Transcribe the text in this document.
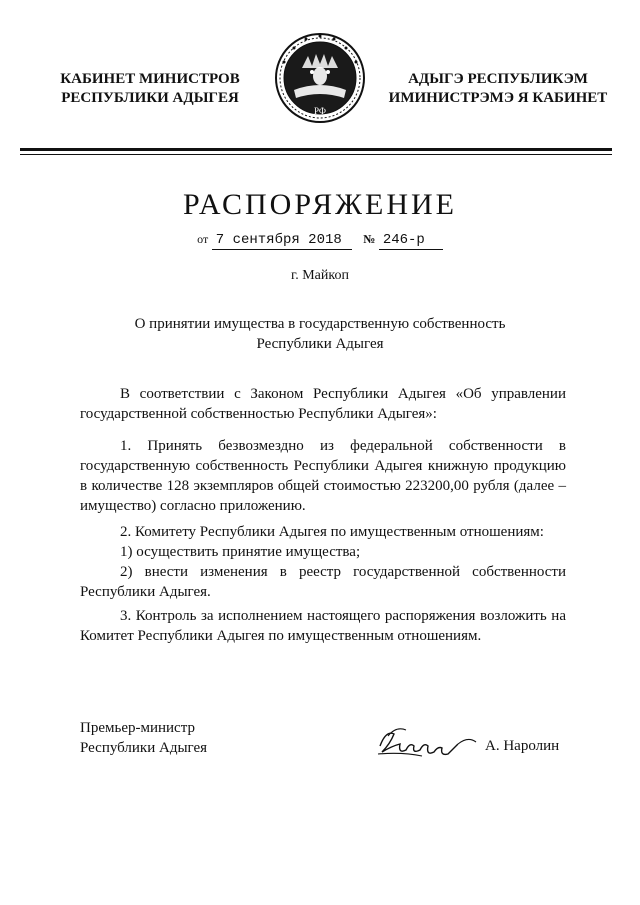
КАБИНЕТ МИНИСТРОВ
РЕСПУБЛИКИ АДЫГЕЯ
РФ
АДЫГЭ РЕСПУБЛИКЭМ
ИМИНИСТРЭМЭ Я КАБИНЕТ
РАСПОРЯЖЕНИЕ
от 7 сентября 2018 № 246-р
г. Майкоп
О принятии имущества в государственную собственность
Республики Адыгея
В соответствии с Законом Республики Адыгея «Об управлении государственной собственностью Республики Адыгея»:
1. Принять безвозмездно из федеральной собственности в государственную собственность Республики Адыгея книжную продукцию в количестве 128 экземпляров общей стоимостью 223200,00 рубля (далее – имущество) согласно приложению.
2. Комитету Республики Адыгея по имущественным отношениям:
1) осуществить принятие имущества;
2) внести изменения в реестр государственной собственности Республики Адыгея.
3. Контроль за исполнением настоящего распоряжения возложить на Комитет Республики Адыгея по имущественным отношениям.
Премьер-министр
Республики Адыгея	А. Наролин
